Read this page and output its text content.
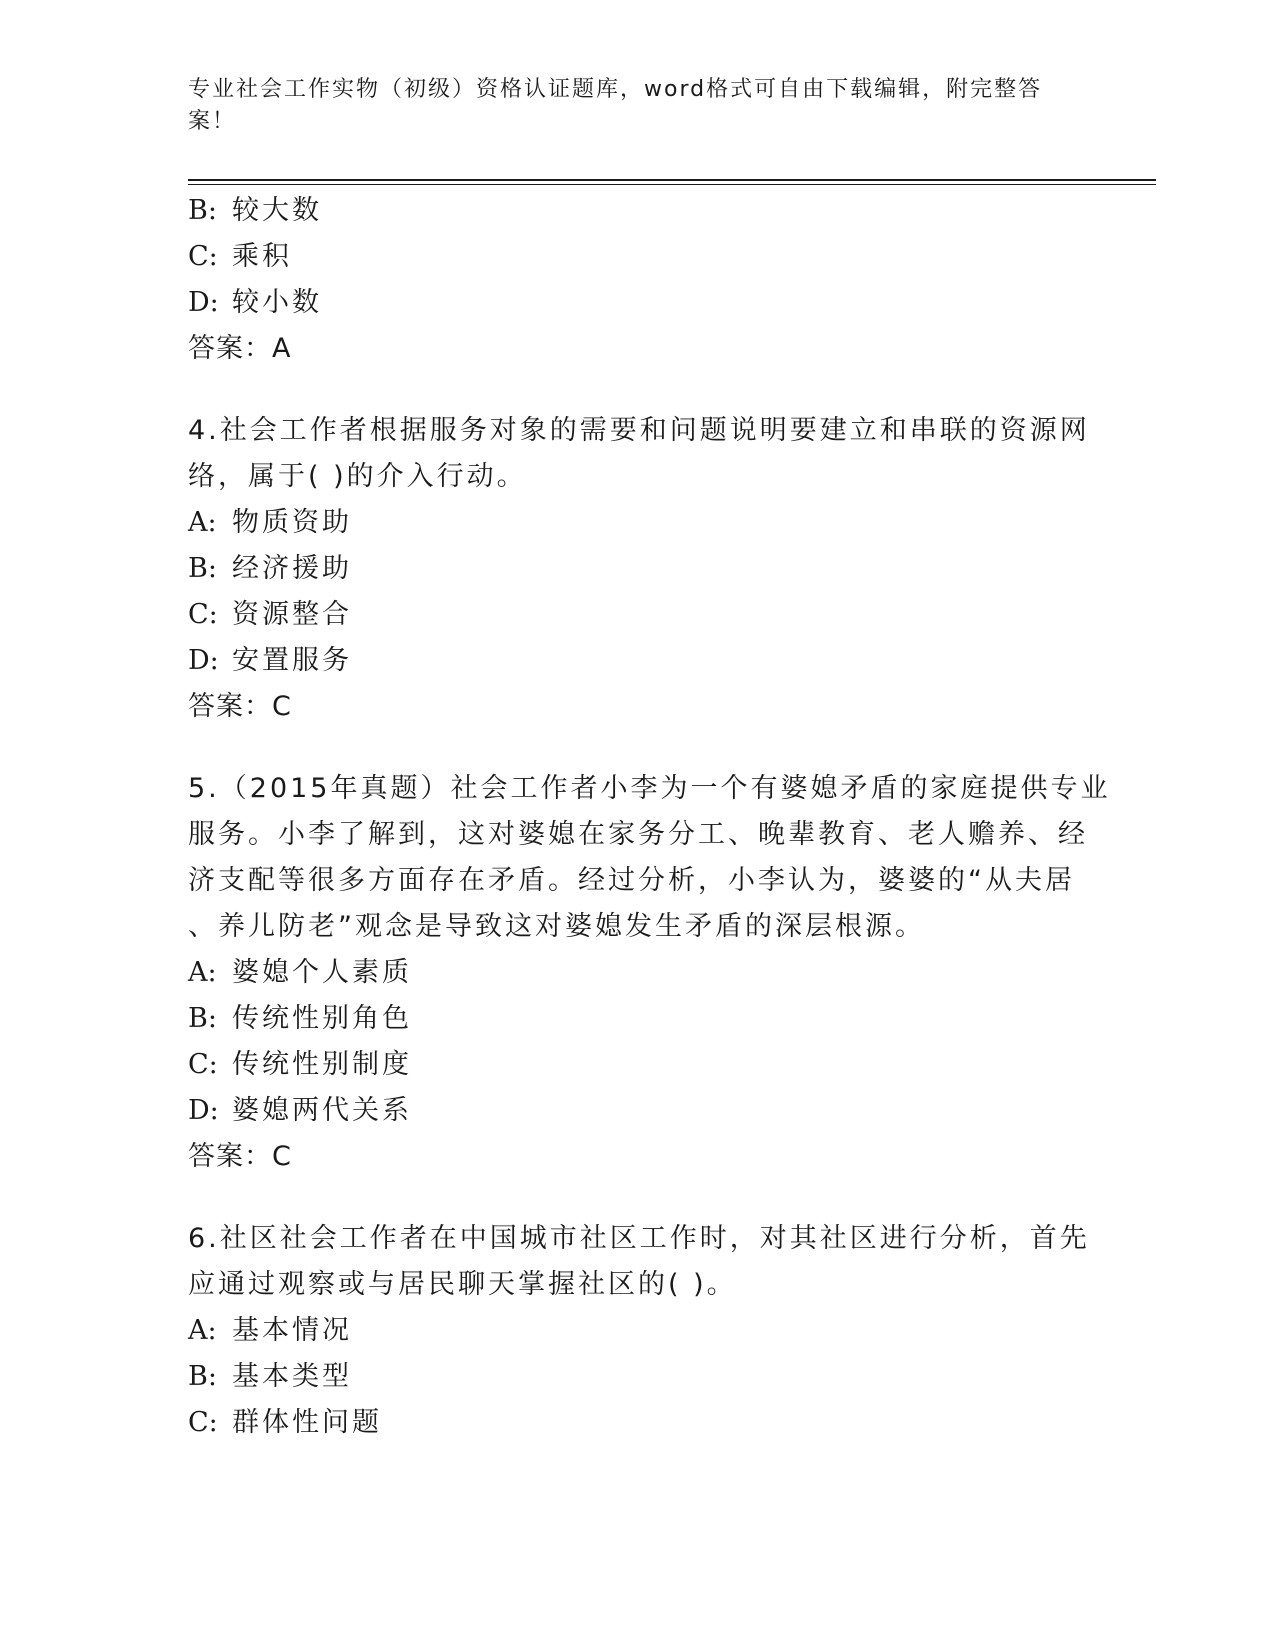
专业社会工作实物（初级）资格认证题库，word格式可自由下载编辑，附完整答
案！
B: 较大数
C: 乘积
D: 较小数
答案：A
4.社会工作者根据服务对象的需要和问题说明要建立和串联的资源网
络，属于( )的介入行动。
A: 物质资助
B: 经济援助
C: 资源整合
D: 安置服务
答案：C
5.（2015年真题）社会工作者小李为一个有婆媳矛盾的家庭提供专业
服务。小李了解到，这对婆媳在家务分工、晚辈教育、老人赡养、经
济支配等很多方面存在矛盾。经过分析，小李认为，婆婆的“从夫居
、养儿防老”观念是导致这对婆媳发生矛盾的深层根源。
A: 婆媳个人素质
B: 传统性别角色
C: 传统性别制度
D: 婆媳两代关系
答案：C
6.社区社会工作者在中国城市社区工作时，对其社区进行分析，首先
应通过观察或与居民聊天掌握社区的( )。
A: 基本情况
B: 基本类型
C: 群体性问题
